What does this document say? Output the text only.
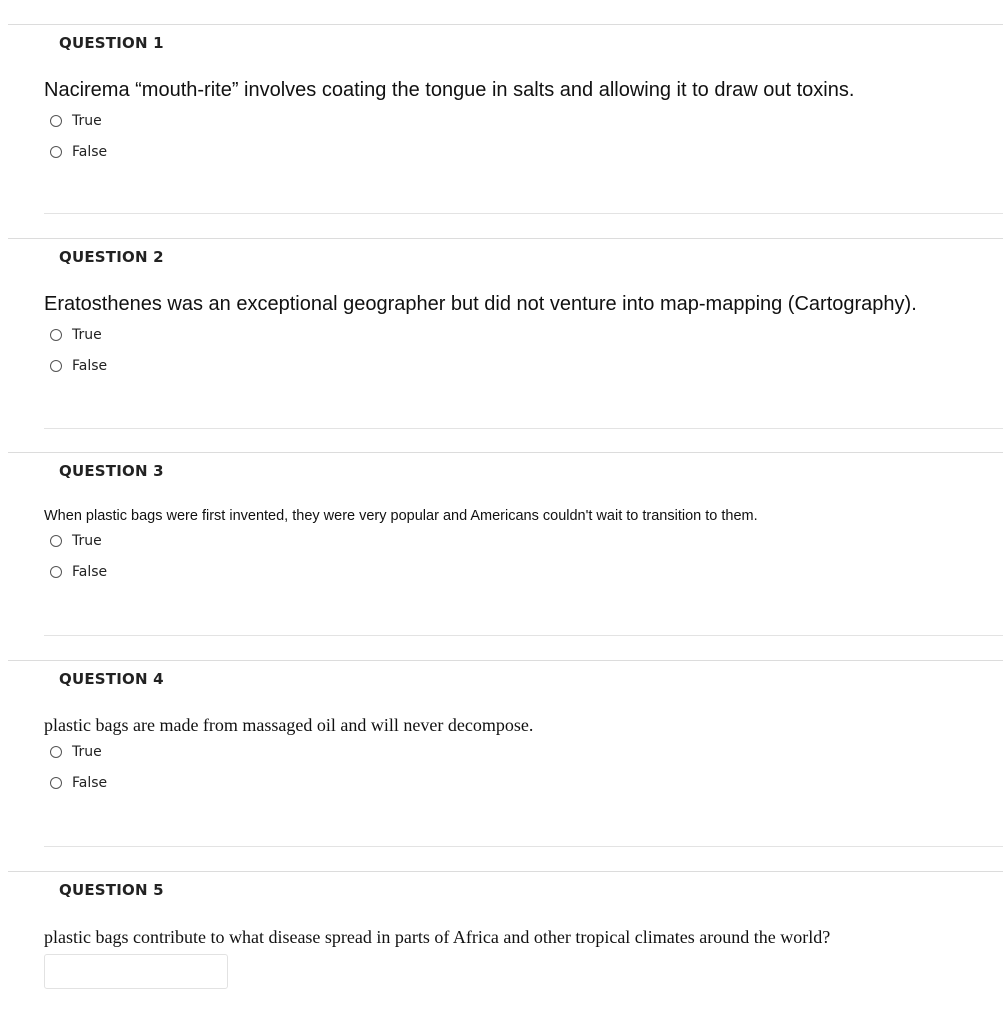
QUESTION 1
Nacirema “mouth-rite” involves coating the tongue in salts and allowing it to draw out toxins.
True
False
QUESTION 2
Eratosthenes was an exceptional geographer but did not venture into map-mapping (Cartography).
True
False
QUESTION 3
When plastic bags were first invented, they were very popular and Americans couldn't wait to transition to them.
True
False
QUESTION 4
plastic bags are made from massaged oil and will never decompose.
True
False
QUESTION 5
plastic bags contribute to what disease spread in parts of Africa and other tropical climates around the world?
